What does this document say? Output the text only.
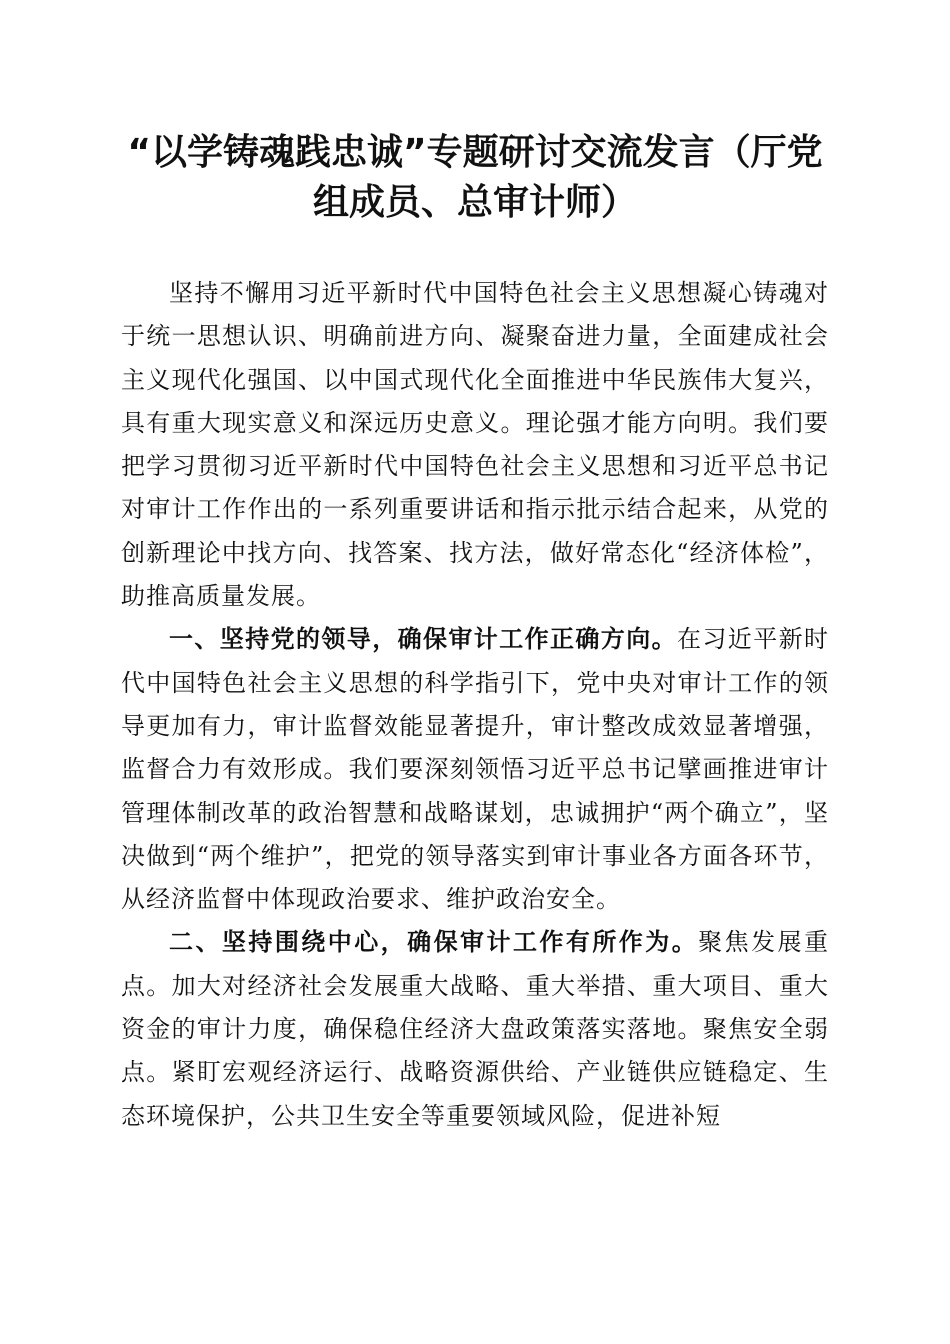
“以学铸魂践忠诚”专题研讨交流发言（厅党
组成员、总审计师）

坚持不懈用习近平新时代中国特色社会主义思想凝心铸魂对于统一思想认识、明确前进方向、凝聚奋进力量，全面建成社会主义现代化强国、以中国式现代化全面推进中华民族伟大复兴，具有重大现实意义和深远历史意义。理论强才能方向明。我们要把学习贯彻习近平新时代中国特色社会主义思想和习近平总书记对审计工作作出的一系列重要讲话和指示批示结合起来，从党的创新理论中找方向、找答案、找方法，做好常态化“经济体检”，助推高质量发展。

一、坚持党的领导，确保审计工作正确方向。在习近平新时代中国特色社会主义思想的科学指引下，党中央对审计工作的领导更加有力，审计监督效能显著提升，审计整改成效显著增强，监督合力有效形成。我们要深刻领悟习近平总书记擘画推进审计管理体制改革的政治智慧和战略谋划，忠诚拥护“两个确立”，坚决做到“两个维护”，把党的领导落实到审计事业各方面各环节，从经济监督中体现政治要求、维护政治安全。

二、坚持围绕中心，确保审计工作有所作为。聚焦发展重点。加大对经济社会发展重大战略、重大举措、重大项目、重大资金的审计力度，确保稳住经济大盘政策落实落地。聚焦安全弱点。紧盯宏观经济运行、战略资源供给、产业链供应链稳定、生态环境保护，公共卫生安全等重要领域风险，促进补短
